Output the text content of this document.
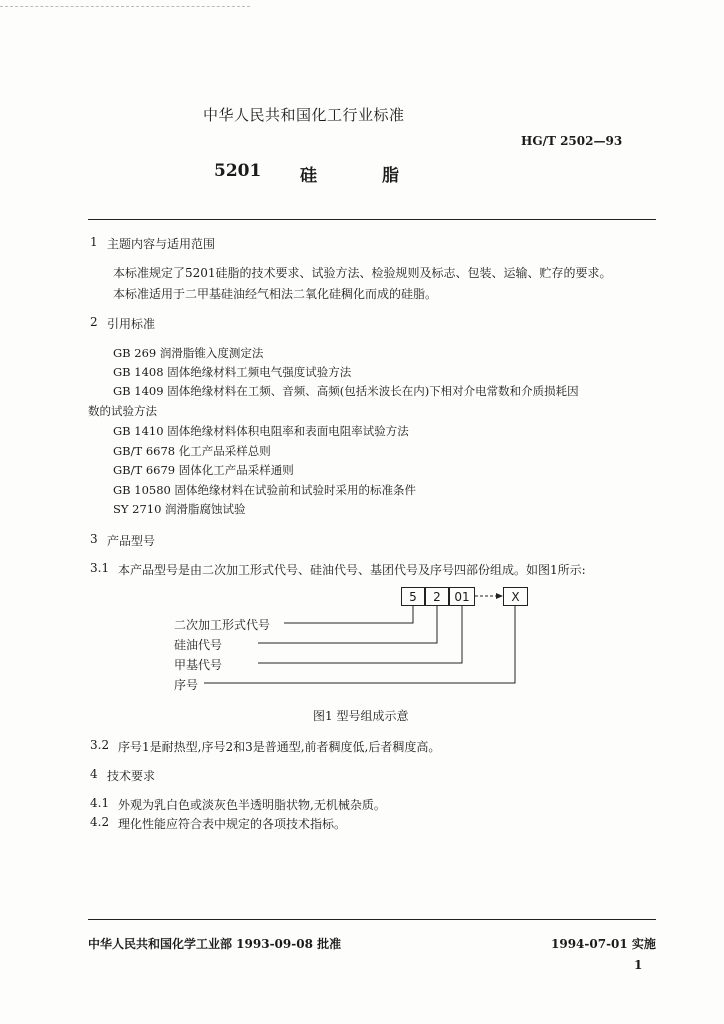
中华人民共和国化工行业标准
HG/T 2502—93
5201 硅	脂
1 主题内容与适用范围
本标准规定了5201硅脂的技术要求、试验方法、检验规则及标志、包装、运输、贮存的要求。
本标准适用于二甲基硅油经气相法二氧化硅稠化而成的硅脂。
2 引用标准
GB 269 润滑脂锥入度测定法
GB 1408 固体绝缘材料工频电气强度试验方法
GB 1409 固体绝缘材料在工频、音频、高频(包括米波长在内)下相对介电常数和介质损耗因
数的试验方法
GB 1410 固体绝缘材料体积电阻率和表面电阻率试验方法
GB/T 6678 化工产品采样总则
GB/T 6679 固体化工产品采样通则
GB 10580 固体绝缘材料在试验前和试验时采用的标准条件
SY 2710 润滑脂腐蚀试验
3 产品型号
3.1 本产品型号是由二次加工形式代号、硅油代号、基团代号及序号四部份组成。如图1所示:
5	2	01	X
二次加工形式代号
硅油代号
甲基代号
序号
图1 型号组成示意
3.2 序号1是耐热型,序号2和3是普通型,前者稠度低,后者稠度高。
4 技术要求
4.1 外观为乳白色或淡灰色半透明脂状物,无机械杂质。
4.2 理化性能应符合表中规定的各项技术指标。
中华人民共和国化学工业部 1993-09-08 批准	1994-07-01 实施
1
